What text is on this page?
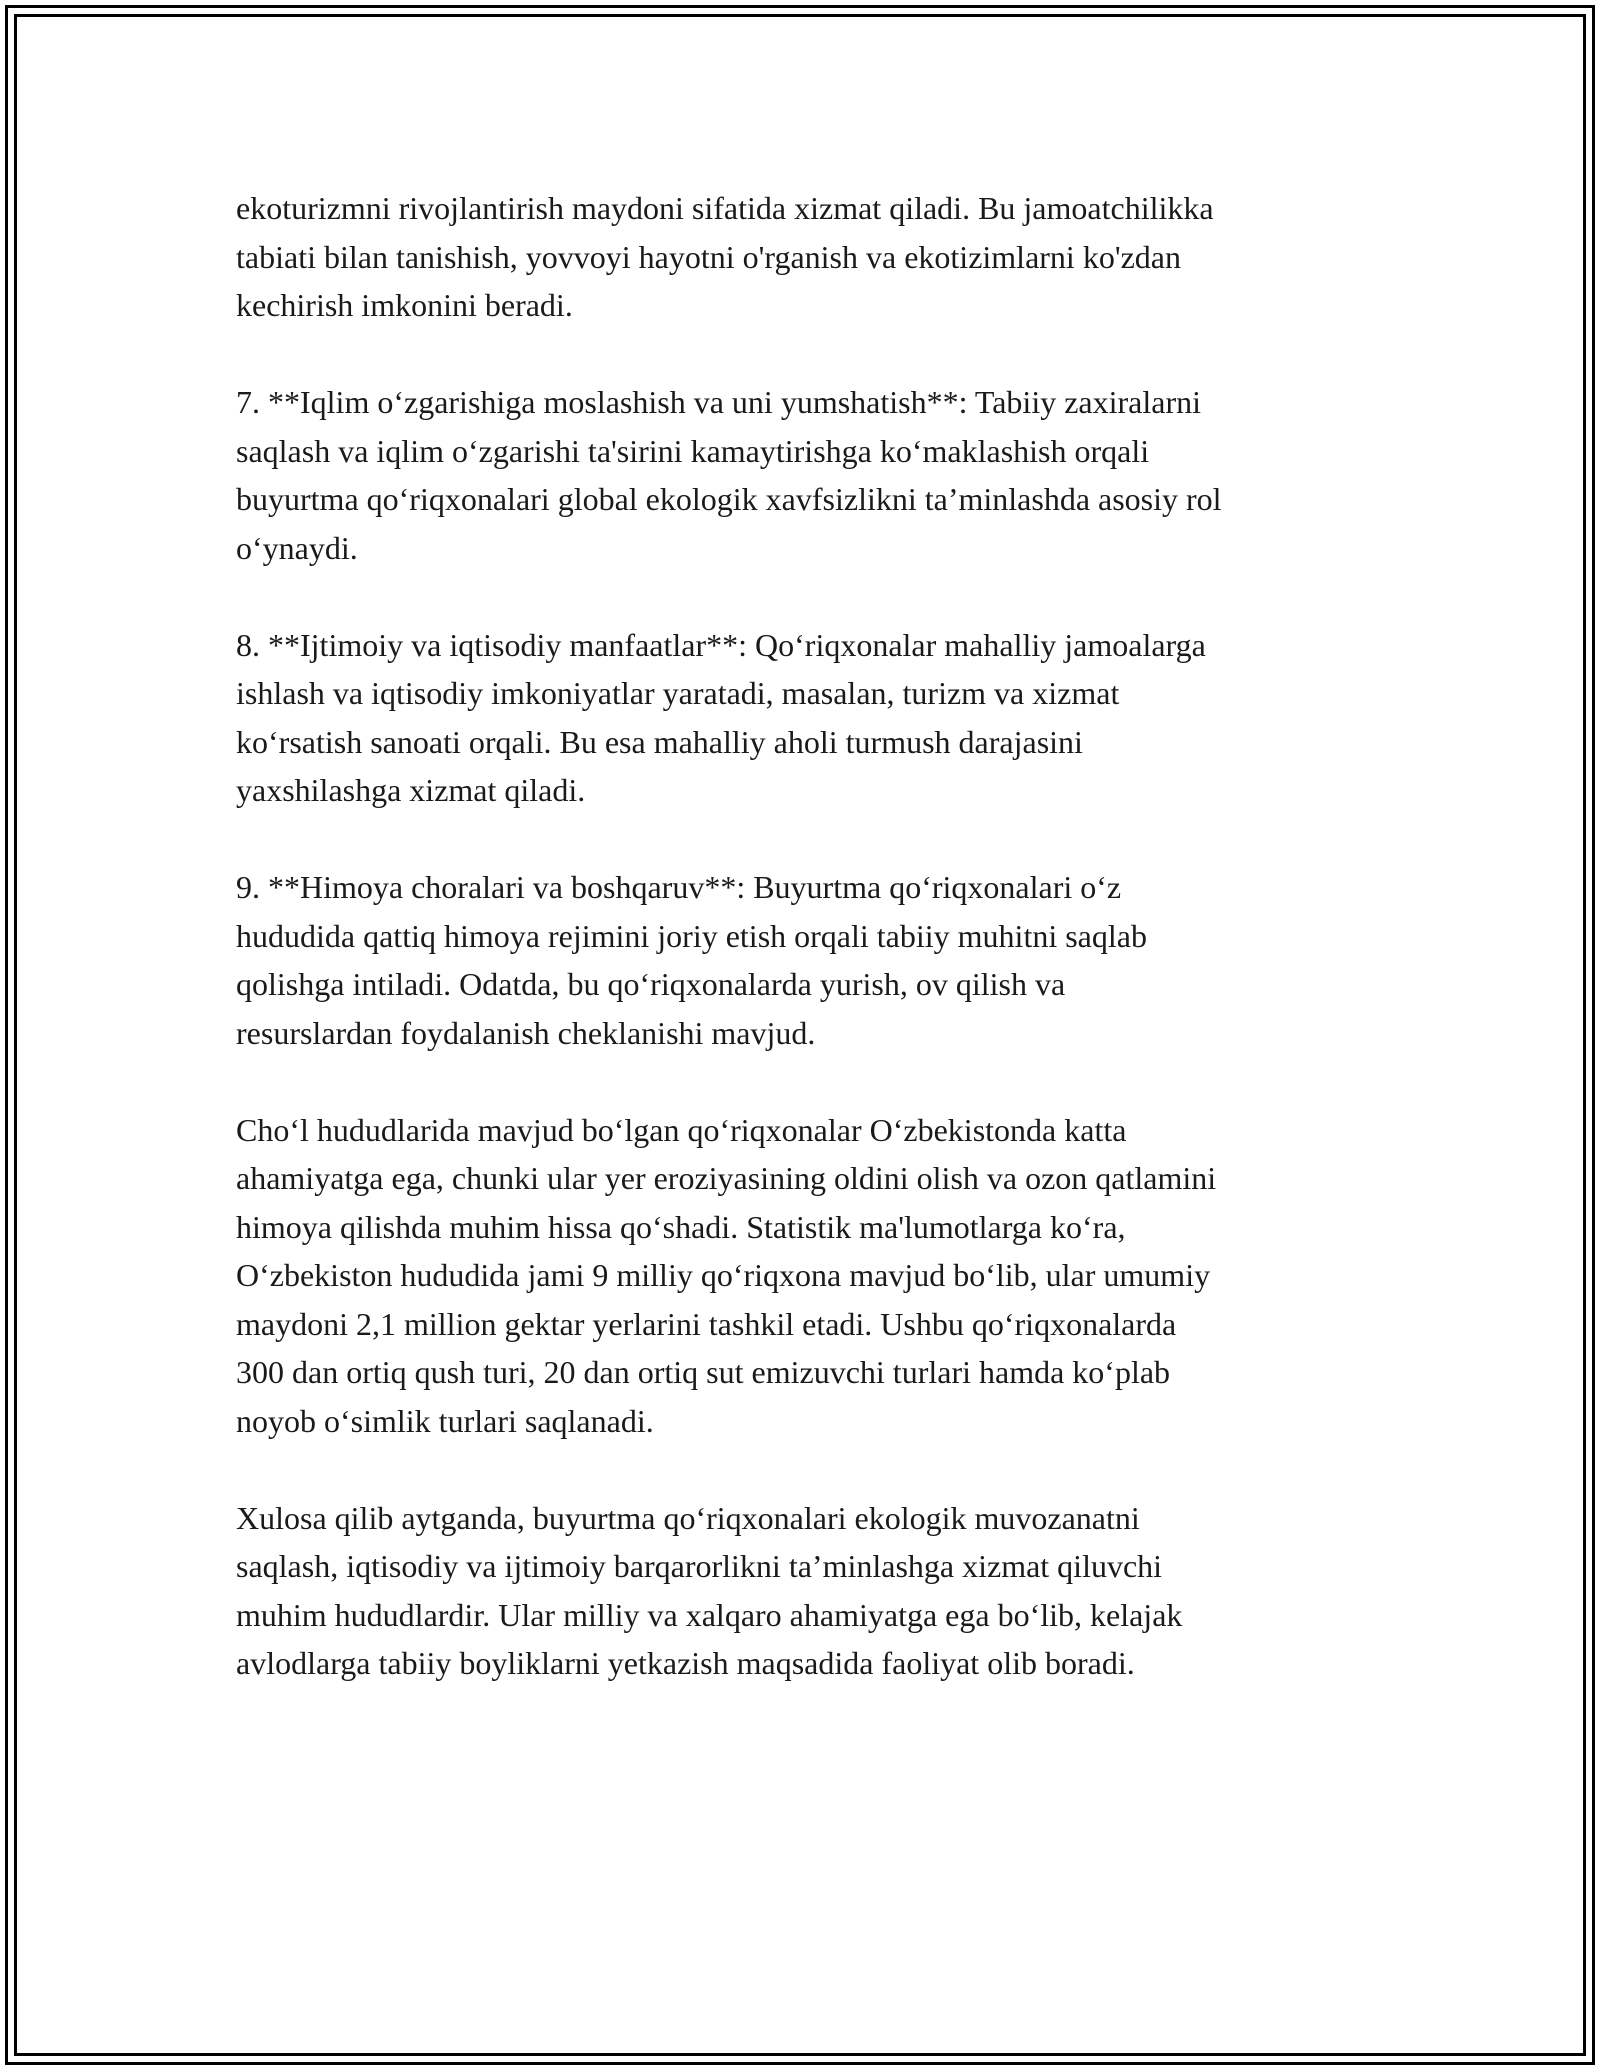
ekoturizmni rivojlantirish maydoni sifatida xizmat qiladi. Bu jamoatchilikka
tabiati bilan tanishish, yovvoyi hayotni o'rganish va ekotizimlarni ko'zdan
kechirish imkonini beradi.

7. **Iqlim o‘zgarishiga moslashish va uni yumshatish**: Tabiiy zaxiralarni
saqlash va iqlim o‘zgarishi ta'sirini kamaytirishga ko‘maklashish orqali
buyurtma qo‘riqxonalari global ekologik xavfsizlikni ta’minlashda asosiy rol
o‘ynaydi.

8. **Ijtimoiy va iqtisodiy manfaatlar**: Qo‘riqxonalar mahalliy jamoalarga
ishlash va iqtisodiy imkoniyatlar yaratadi, masalan, turizm va xizmat
ko‘rsatish sanoati orqali. Bu esa mahalliy aholi turmush darajasini
yaxshilashga xizmat qiladi.

9. **Himoya choralari va boshqaruv**: Buyurtma qo‘riqxonalari o‘z
hududida qattiq himoya rejimini joriy etish orqali tabiiy muhitni saqlab
qolishga intiladi. Odatda, bu qo‘riqxonalarda yurish, ov qilish va
resurslardan foydalanish cheklanishi mavjud.

Cho‘l hududlarida mavjud bo‘lgan qo‘riqxonalar O‘zbekistonda katta
ahamiyatga ega, chunki ular yer eroziyasining oldini olish va ozon qatlamini
himoya qilishda muhim hissa qo‘shadi. Statistik ma'lumotlarga ko‘ra,
O‘zbekiston hududida jami 9 milliy qo‘riqxona mavjud bo‘lib, ular umumiy
maydoni 2,1 million gektar yerlarini tashkil etadi. Ushbu qo‘riqxonalarda
300 dan ortiq qush turi, 20 dan ortiq sut emizuvchi turlari hamda ko‘plab
noyob o‘simlik turlari saqlanadi.

Xulosa qilib aytganda, buyurtma qo‘riqxonalari ekologik muvozanatni
saqlash, iqtisodiy va ijtimoiy barqarorlikni ta’minlashga xizmat qiluvchi
muhim hududlardir. Ular milliy va xalqaro ahamiyatga ega bo‘lib, kelajak
avlodlarga tabiiy boyliklarni yetkazish maqsadida faoliyat olib boradi.
